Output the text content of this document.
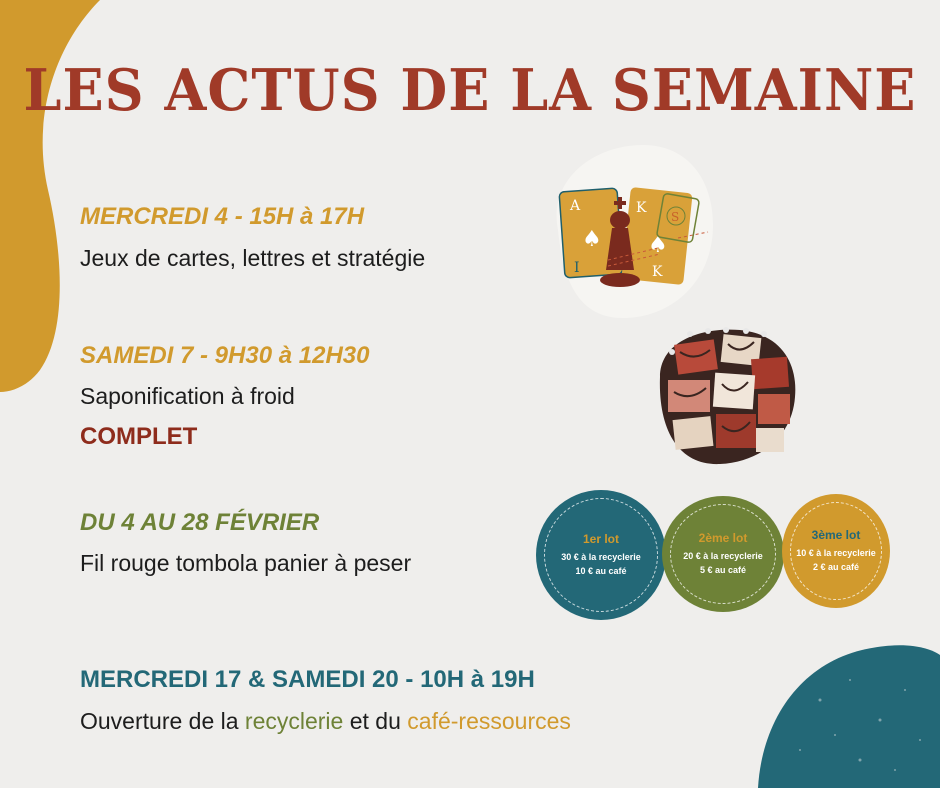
LES ACTUS DE LA SEMAINE
MERCREDI 4 - 15H à 17H
Jeux de cartes, lettres et stratégie
SAMEDI 7 - 9H30 à 12H30
Saponification à froid
COMPLET
DU 4 AU 28 FÉVRIER
Fil rouge tombola panier à peser
MERCREDI 17 & SAMEDI 20 - 10H à 19H
Ouverture de la recyclerie et du café-ressources
A
♠
I
K
♠
K
S
1er lot
30 € à la recyclerie
10 € au café
2ème lot
20 € à la recyclerie
5 € au café
3ème lot
10 € à la recyclerie
2 € au café
